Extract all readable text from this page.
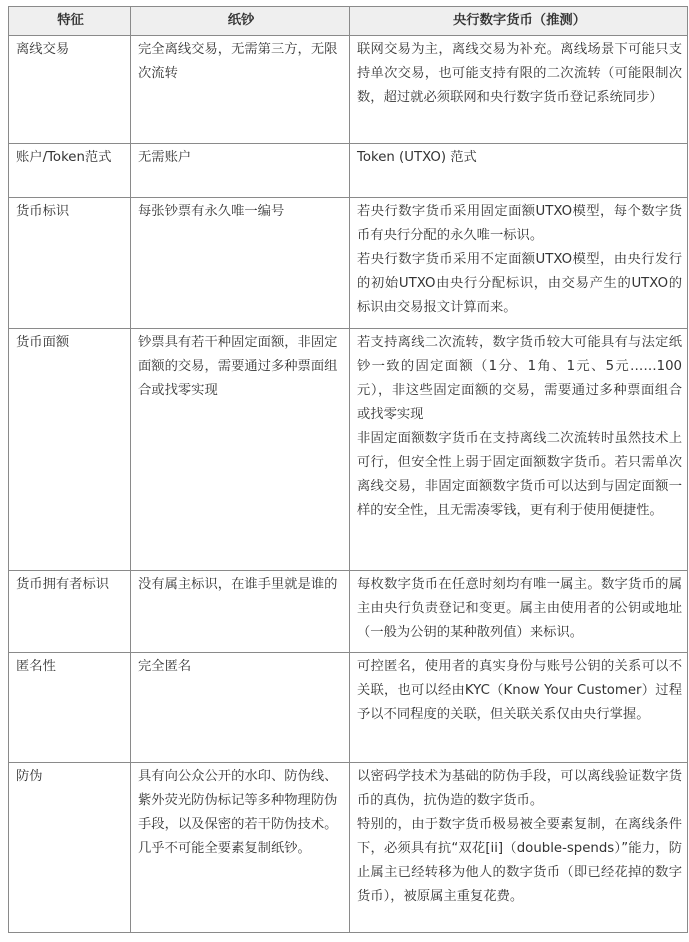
特征	纸钞	央行数字货币（推测）
离线交易	完全离线交易，无需第三方，无限次流转	联网交易为主，离线交易为补充。离线场景下可能只支持单次交易，也可能支持有限的二次流转（可能限制次数，超过就必须联网和央行数字货币登记系统同步）

账户/Token范式	无需账户	Token (UTXO) 范式

货币标识	每张钞票有永久唯一编号	若央行数字货币采用固定面额UTXO模型，每个数字货币有央行分配的永久唯一标识。

若央行数字货币采用不定面额UTXO模型，由央行发行的初始UTXO由央行分配标识，由交易产生的UTXO的标识由交易报文计算而来。

货币面额	钞票具有若干种固定面额，非固定面额的交易，需要通过多种票面组合或找零实现	若支持离线二次流转，数字货币较大可能具有与法定纸钞一致的固定面额（1分、1角、1元、5元……100元），非这些固定面额的交易，需要通过多种票面组合或找零实现

非固定面额数字货币在支持离线二次流转时虽然技术上可行，但安全性上弱于固定面额数字货币。若只需单次离线交易，非固定面额数字货币可以达到与固定面额一样的安全性，且无需凑零钱，更有利于使用便捷性。

货币拥有者标识	没有属主标识，在谁手里就是谁的	每枚数字货币在任意时刻均有唯一属主。数字货币的属主由央行负责登记和变更。属主由使用者的公钥或地址（一般为公钥的某种散列值）来标识。

匿名性	完全匿名	可控匿名，使用者的真实身份与账号公钥的关系可以不关联，也可以经由KYC（Know Your Customer）过程予以不同程度的关联，但关联关系仅由央行掌握。

防伪	具有向公众公开的水印、防伪线、紫外荧光防伪标记等多种物理防伪手段，以及保密的若干防伪技术。几乎不可能全要素复制纸钞。	以密码学技术为基础的防伪手段，可以离线验证数字货币的真伪，抗伪造的数字货币。

特别的，由于数字货币极易被全要素复制，在离线条件下，必须具有抗“双花[ii]（double-spends）”能力，防止属主已经转移为他人的数字货币（即已经花掉的数字货币），被原属主重复花费。
